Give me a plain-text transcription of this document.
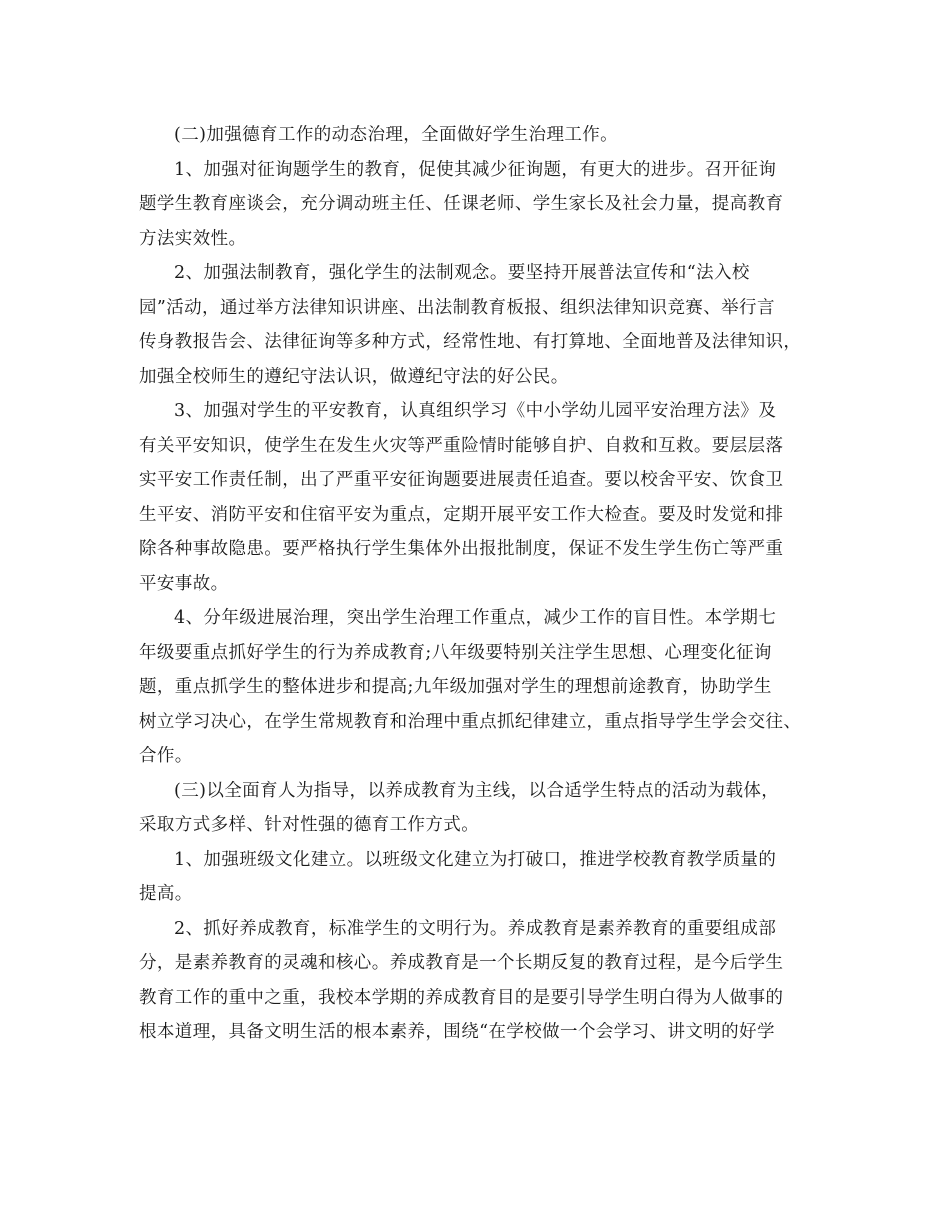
(二)加强德育工作的动态治理，全面做好学生治理工作。
1、加强对征询题学生的教育，促使其减少征询题，有更大的进步。召开征询
题学生教育座谈会，充分调动班主任、任课老师、学生家长及社会力量，提高教育
方法实效性。
2、加强法制教育，强化学生的法制观念。要坚持开展普法宣传和“法入校
园”活动，通过举方法律知识讲座、出法制教育板报、组织法律知识竞赛、举行言
传身教报告会、法律征询等多种方式，经常性地、有打算地、全面地普及法律知识，
加强全校师生的遵纪守法认识，做遵纪守法的好公民。
3、加强对学生的平安教育，认真组织学习《中小学幼儿园平安治理方法》及
有关平安知识，使学生在发生火灾等严重险情时能够自护、自救和互救。要层层落
实平安工作责任制，出了严重平安征询题要进展责任追查。要以校舍平安、饮食卫
生平安、消防平安和住宿平安为重点，定期开展平安工作大检查。要及时发觉和排
除各种事故隐患。要严格执行学生集体外出报批制度，保证不发生学生伤亡等严重
平安事故。
4、分年级进展治理，突出学生治理工作重点，减少工作的盲目性。本学期七
年级要重点抓好学生的行为养成教育;八年级要特别关注学生思想、心理变化征询
题，重点抓学生的整体进步和提高;九年级加强对学生的理想前途教育，协助学生
树立学习决心，在学生常规教育和治理中重点抓纪律建立，重点指导学生学会交往、
合作。
(三)以全面育人为指导，以养成教育为主线，以合适学生特点的活动为载体，
采取方式多样、针对性强的德育工作方式。
1、加强班级文化建立。以班级文化建立为打破口，推进学校教育教学质量的
提高。
2、抓好养成教育，标准学生的文明行为。养成教育是素养教育的重要组成部
分，是素养教育的灵魂和核心。养成教育是一个长期反复的教育过程，是今后学生
教育工作的重中之重，我校本学期的养成教育目的是要引导学生明白得为人做事的
根本道理，具备文明生活的根本素养，围绕“在学校做一个会学习、讲文明的好学
